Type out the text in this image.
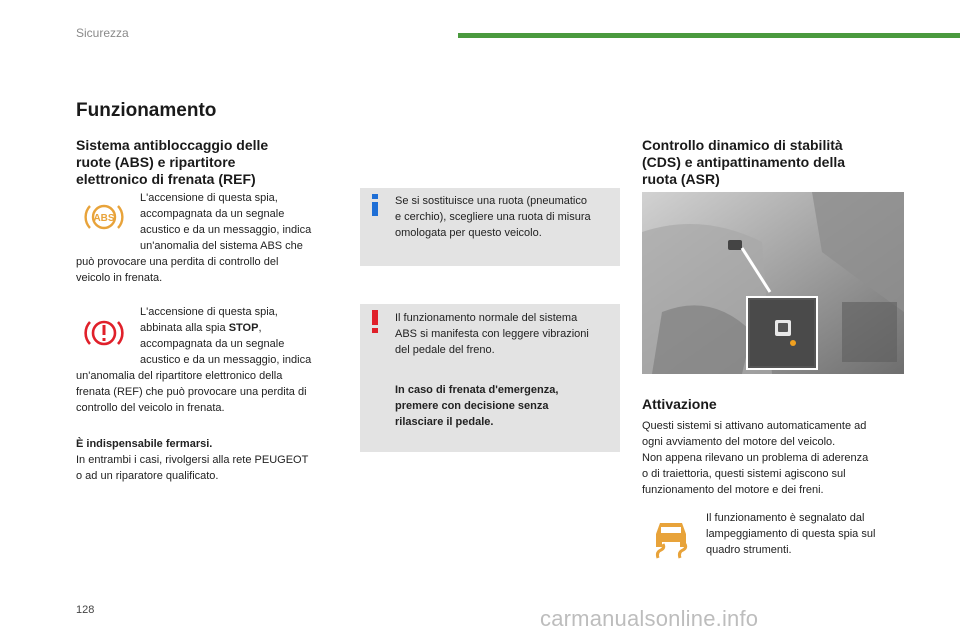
Sicurezza
Funzionamento
Sistema antibloccaggio delle
ruote (ABS) e ripartitore
elettronico di frenata (REF)
ABS
L'accensione di questa spia,
accompagnata da un segnale
acustico e da un messaggio, indica
un'anomalia del sistema ABS che
può provocare una perdita di controllo del
veicolo in frenata.
L'accensione di questa spia,
abbinata alla spia STOP,
accompagnata da un segnale
acustico e da un messaggio, indica
un'anomalia del ripartitore elettronico della
frenata (REF) che può provocare una perdita di
controllo del veicolo in frenata.
È indispensabile fermarsi.
In entrambi i casi, rivolgersi alla rete PEUGEOT
o ad un riparatore qualificato.
Se si sostituisce una ruota (pneumatico
e cerchio), scegliere una ruota di misura
omologata per questo veicolo.
Il funzionamento normale del sistema
ABS si manifesta con leggere vibrazioni
del pedale del freno.
In caso di frenata d'emergenza,
premere con decisione senza
rilasciare il pedale.
Controllo dinamico di stabilità
(CDS) e antipattinamento della
ruota (ASR)
Attivazione
Questi sistemi si attivano automaticamente ad
ogni avviamento del motore del veicolo.
Non appena rilevano un problema di aderenza
o di traiettoria, questi sistemi agiscono sul
funzionamento del motore e dei freni.
Il funzionamento è segnalato dal
lampeggiamento di questa spia sul
quadro strumenti.
128	carmanualsonline.info
